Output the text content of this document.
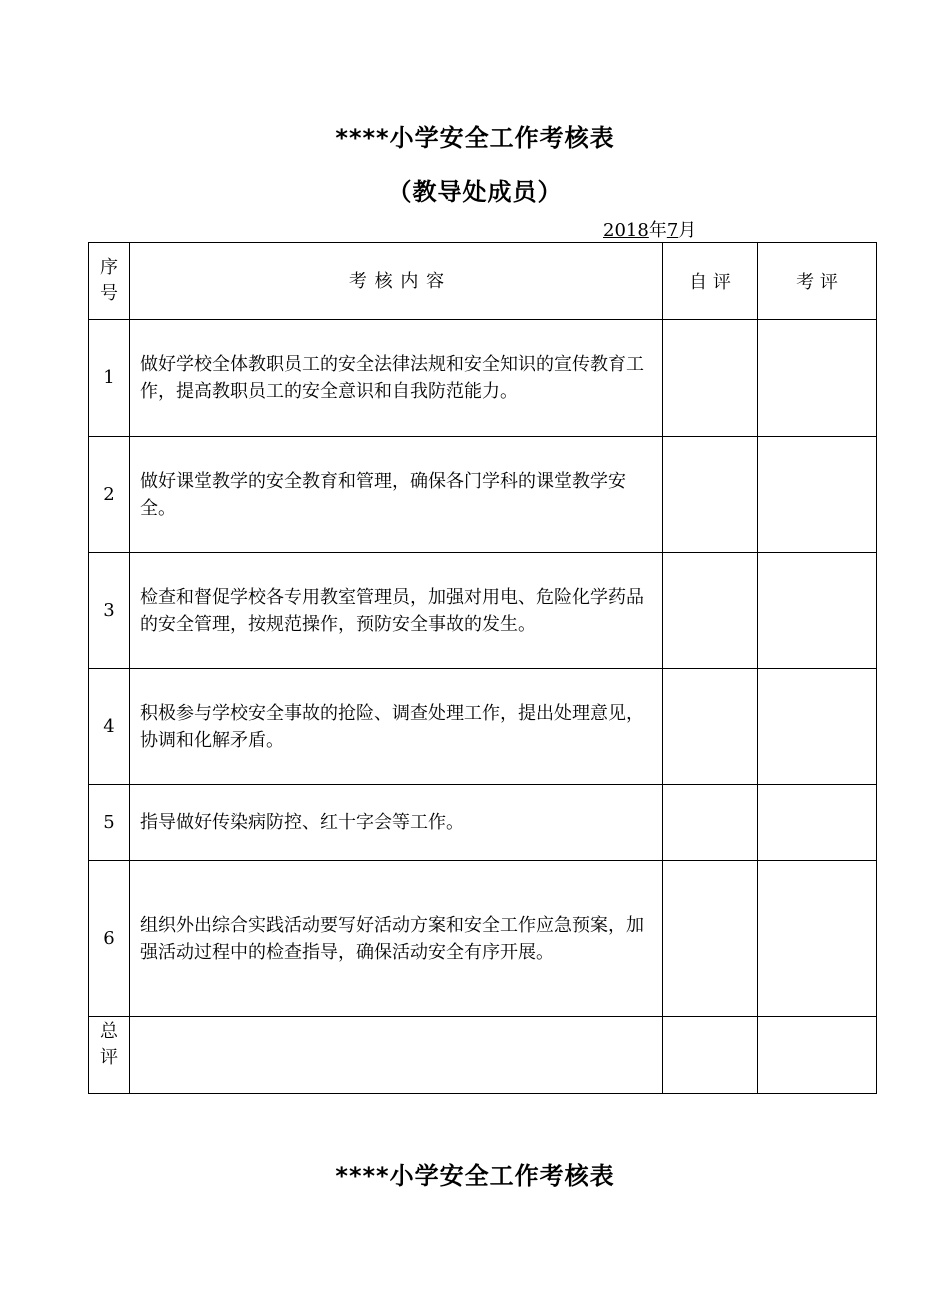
****小学安全工作考核表
（教导处成员）
2018年7月
序号	考 核 内 容	自 评	考 评
1	做好学校全体教职员工的安全法律法规和安全知识的宣传教育工作，提高教职员工的安全意识和自我防范能力。		
2	做好课堂教学的安全教育和管理，确保各门学科的课堂教学安全。		
3	检查和督促学校各专用教室管理员，加强对用电、危险化学药品的安全管理，按规范操作，预防安全事故的发生。		
4	积极参与学校安全事故的抢险、调查处理工作，提出处理意见，协调和化解矛盾。		
5	指导做好传染病防控、红十字会等工作。		
6	组织外出综合实践活动要写好活动方案和安全工作应急预案，加强活动过程中的检查指导，确保活动安全有序开展。		
总评			
****小学安全工作考核表
